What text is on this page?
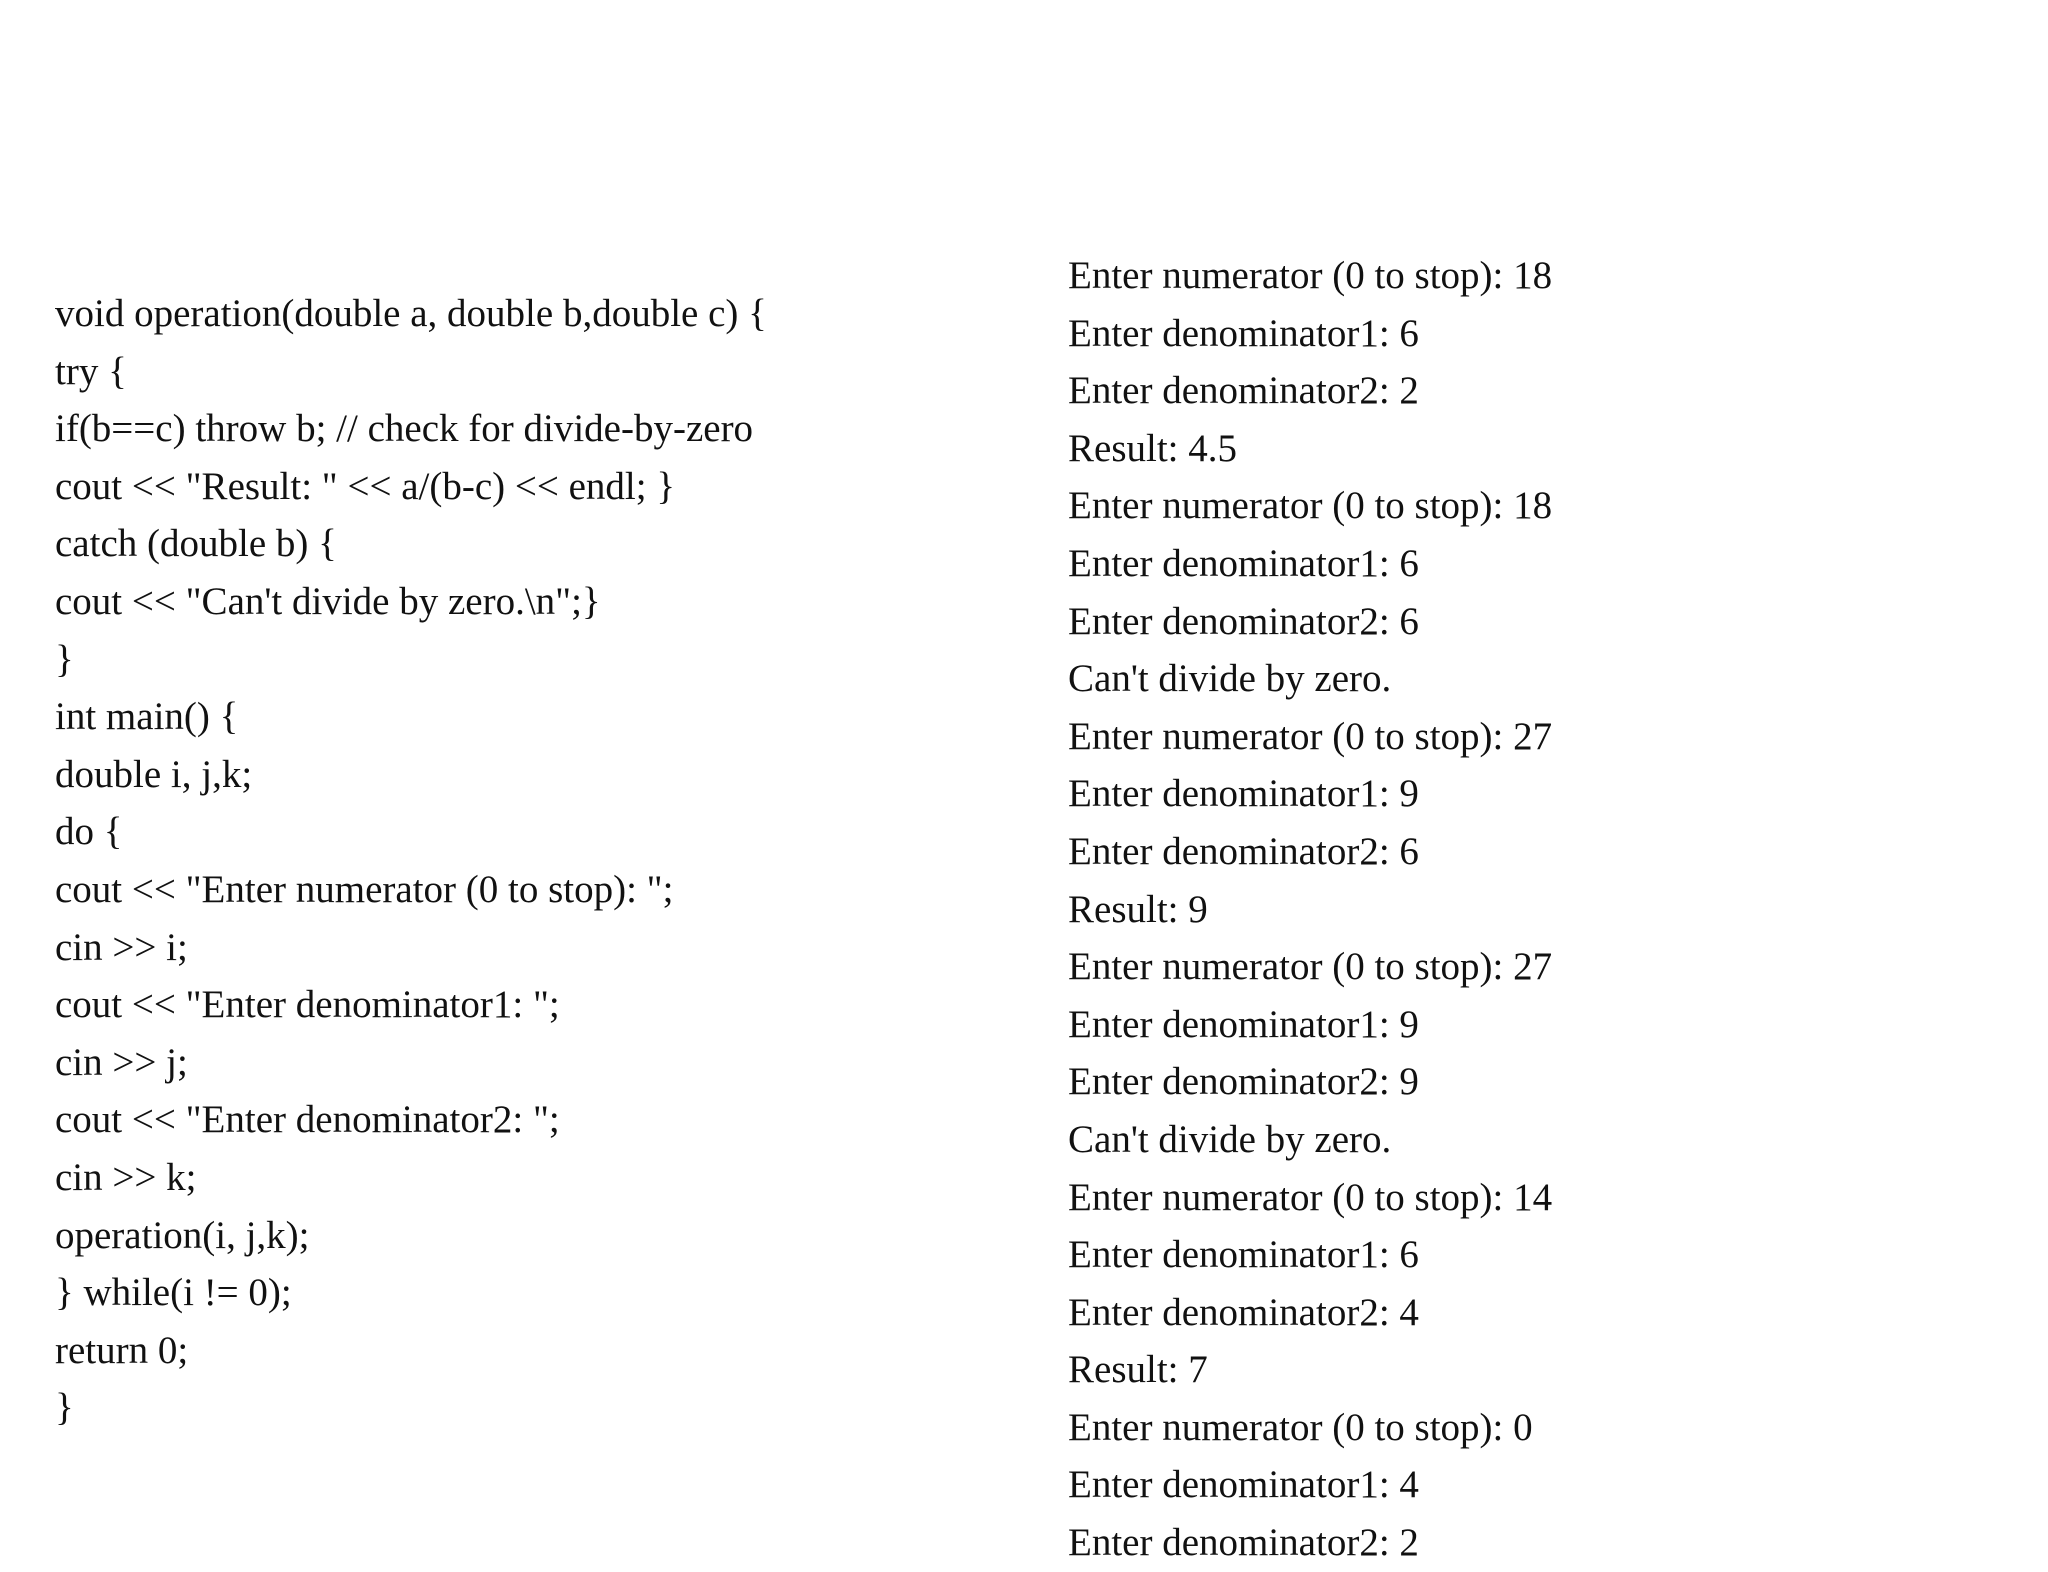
void operation(double a, double b,double c) {
try {
if(b==c) throw b; // check for divide-by-zero
cout << "Result: " << a/(b-c) << endl; }
catch (double b) {
cout << "Can't divide by zero.\n";}
}
int main() {
double i, j,k;
do {
cout << "Enter numerator (0 to stop): ";
cin >> i;
cout << "Enter denominator1: ";
cin >> j;
cout << "Enter denominator2: ";
cin >> k;
operation(i, j,k);
} while(i != 0);
return 0;
}
Enter numerator (0 to stop): 18
Enter denominator1: 6
Enter denominator2: 2
Result: 4.5
Enter numerator (0 to stop): 18
Enter denominator1: 6
Enter denominator2: 6
Can't divide by zero.
Enter numerator (0 to stop): 27
Enter denominator1: 9
Enter denominator2: 6
Result: 9
Enter numerator (0 to stop): 27
Enter denominator1: 9
Enter denominator2: 9
Can't divide by zero.
Enter numerator (0 to stop): 14
Enter denominator1: 6
Enter denominator2: 4
Result: 7
Enter numerator (0 to stop): 0
Enter denominator1: 4
Enter denominator2: 2
